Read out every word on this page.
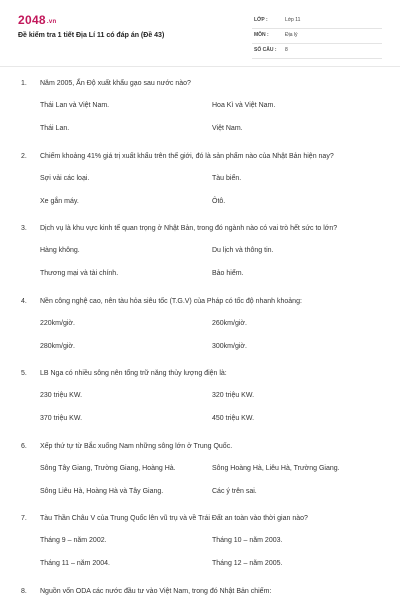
2048.vn
Đề kiểm tra 1 tiết Địa Lí 11 có đáp án (Đề 43)
LỚP :	Lớp 11
MÔN :	Địa lý
SỐ CÂU : 8
1. Năm 2005, Ấn Độ xuất khẩu gạo sau nước nào?
Thái Lan và Việt Nam.	Hoa Kì và Việt Nam.
Thái Lan.	Việt Nam.
2. Chiếm khoảng 41% giá trị xuất khẩu trên thế giới, đó là sản phẩm nào của Nhật Bản hiện nay?
Sợi vải các loại.	Tàu biển.
Xe gắn máy.	Ôtô.
3. Dịch vụ là khu vực kinh tế quan trọng ở Nhật Bản, trong đó ngành nào có vai trò hết sức to lớn?
Hàng không.	Du lịch và thông tin.
Thương mại và tài chính.	Bảo hiểm.
4. Nền công nghệ cao, nên tàu hỏa siêu tốc (T.G.V) của Pháp có tốc độ nhanh khoảng:
220km/giờ.	260km/giờ.
280km/giờ.	300km/giờ.
5. LB Nga có nhiều sông nên tổng trữ năng thủy lượng điện là:
230 triệu KW.	320 triệu KW.
370 triệu KW.	450 triệu KW.
6. Xếp thứ tự từ Bắc xuống Nam những sông lớn ở Trung Quốc.
Sông Tây Giang, Trường Giang, Hoàng Hà.	Sông Hoàng Hà, Liêu Hà, Trường Giang.
Sông Liêu Hà, Hoàng Hà và Tây Giang.	Các ý trên sai.
7. Tàu Thần Châu V của Trung Quốc lên vũ trụ và về Trái Đất an toàn vào thời gian nào?
Tháng 9 – năm 2002.	Tháng 10 – năm 2003.
Tháng 11 – năm 2004.	Tháng 12 – năm 2005.
8. Nguồn vốn ODA các nước đầu tư vào Việt Nam, trong đó Nhật Bản chiếm:
